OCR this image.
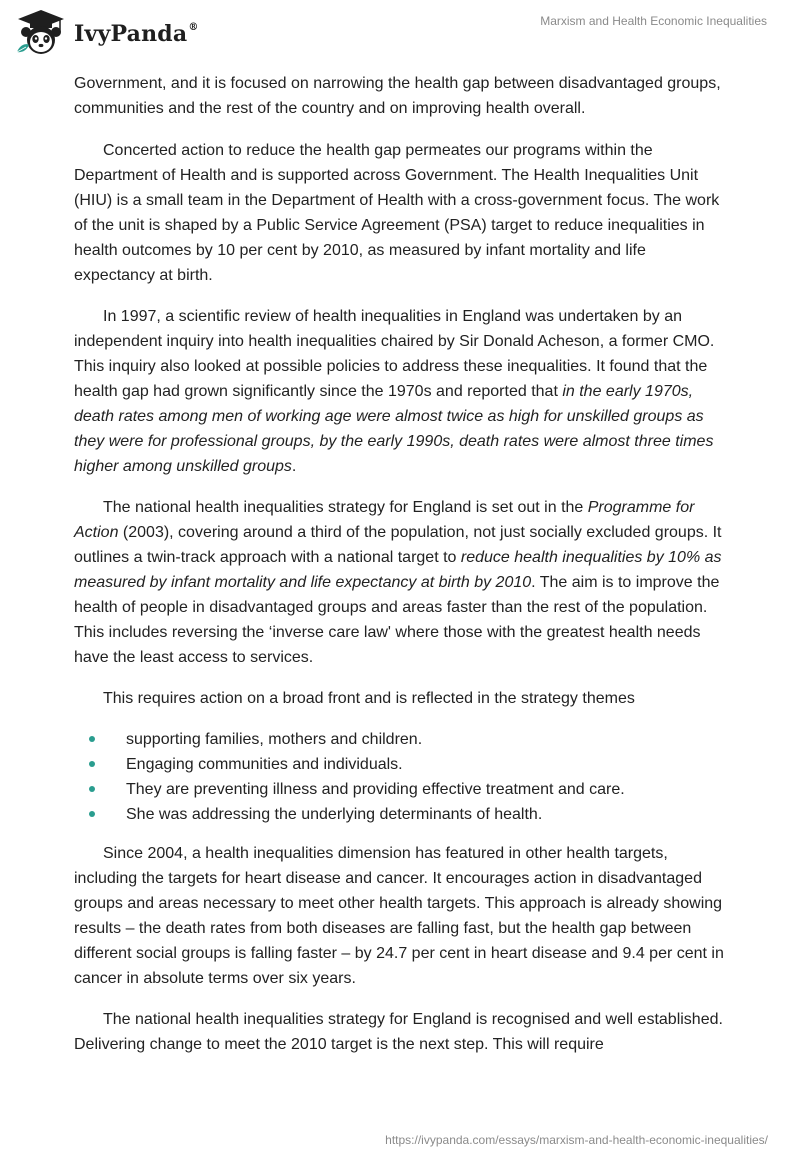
IvyPanda®	Marxism and Health Economic Inequalities

Government, and it is focused on narrowing the health gap between disadvantaged groups, communities and the rest of the country and on improving health overall.

Concerted action to reduce the health gap permeates our programs within the Department of Health and is supported across Government. The Health Inequalities Unit (HIU) is a small team in the Department of Health with a cross-government focus. The work of the unit is shaped by a Public Service Agreement (PSA) target to reduce inequalities in health outcomes by 10 per cent by 2010, as measured by infant mortality and life expectancy at birth.

In 1997, a scientific review of health inequalities in England was undertaken by an independent inquiry into health inequalities chaired by Sir Donald Acheson, a former CMO. This inquiry also looked at possible policies to address these inequalities. It found that the health gap had grown significantly since the 1970s and reported that in the early 1970s, death rates among men of working age were almost twice as high for unskilled groups as they were for professional groups, by the early 1990s, death rates were almost three times higher among unskilled groups.

The national health inequalities strategy for England is set out in the Programme for Action (2003), covering around a third of the population, not just socially excluded groups. It outlines a twin-track approach with a national target to reduce health inequalities by 10% as measured by infant mortality and life expectancy at birth by 2010. The aim is to improve the health of people in disadvantaged groups and areas faster than the rest of the population. This includes reversing the ‘inverse care law' where those with the greatest health needs have the least access to services.

This requires action on a broad front and is reflected in the strategy themes

supporting families, mothers and children.
Engaging communities and individuals.
They are preventing illness and providing effective treatment and care.
She was addressing the underlying determinants of health.

Since 2004, a health inequalities dimension has featured in other health targets, including the targets for heart disease and cancer. It encourages action in disadvantaged groups and areas necessary to meet other health targets. This approach is already showing results – the death rates from both diseases are falling fast, but the health gap between different social groups is falling faster – by 24.7 per cent in heart disease and 9.4 per cent in cancer in absolute terms over six years.

The national health inequalities strategy for England is recognised and well established. Delivering change to meet the 2010 target is the next step. This will require

https://ivypanda.com/essays/marxism-and-health-economic-inequalities/
